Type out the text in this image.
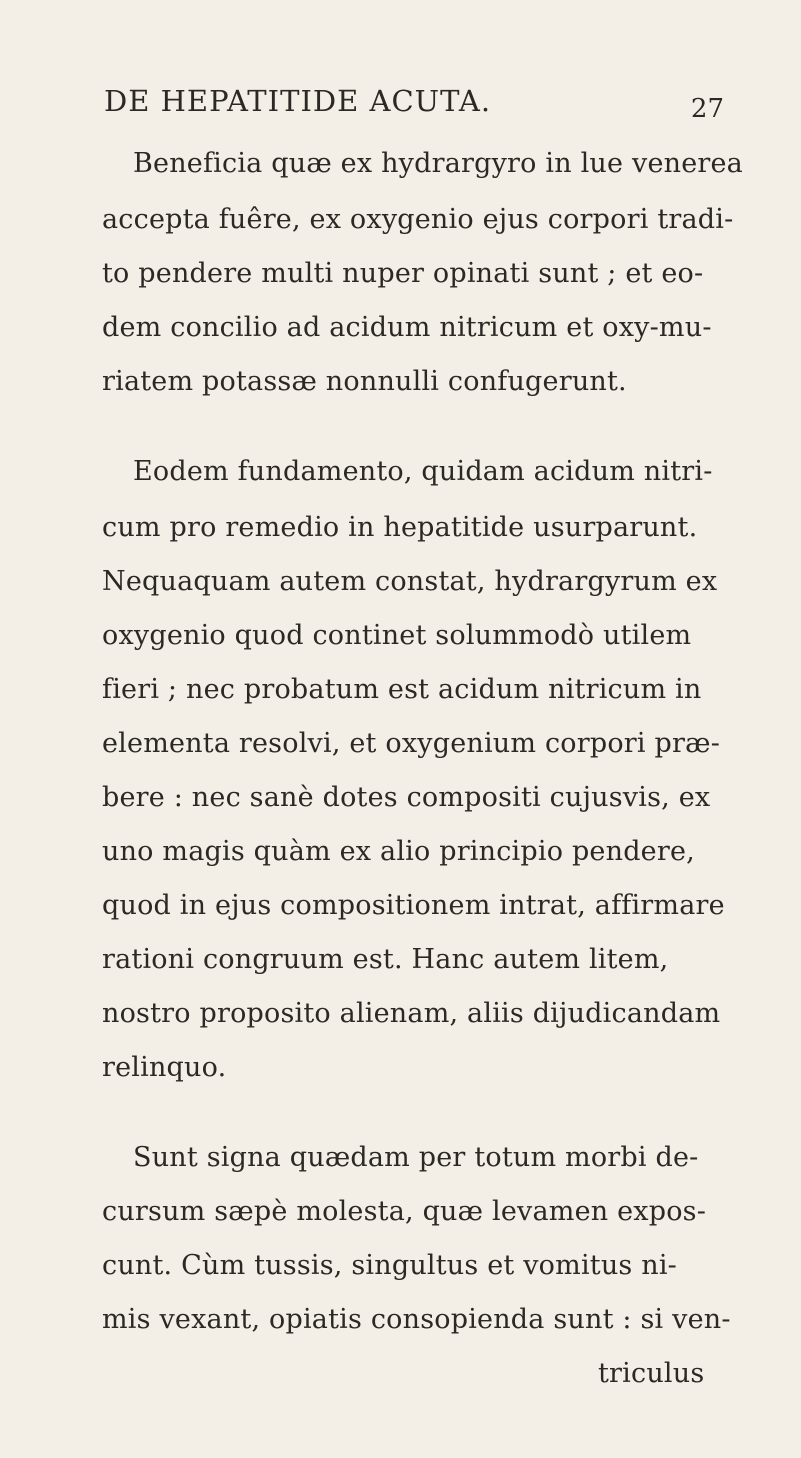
DE HEPATITIDE ACUTA.	27
Beneficia quæ ex hydrargyro in lue venerea
accepta fuêre, ex oxygenio ejus corpori tradi-
to pendere multi nuper opinati sunt ; et eo-
dem concilio ad acidum nitricum et oxy-mu-
riatem potassæ nonnulli confugerunt.
Eodem fundamento, quidam acidum nitri-
cum pro remedio in hepatitide usurparunt.
Nequaquam autem constat, hydrargyrum ex
oxygenio quod continet solummodò utilem
fieri ; nec probatum est acidum nitricum in
elementa resolvi, et oxygenium corpori præ-
bere : nec sanè dotes compositi cujusvis, ex
uno magis quàm ex alio principio pendere,
quod in ejus compositionem intrat, affirmare
rationi congruum est. Hanc autem litem,
nostro proposito alienam, aliis dijudicandam
relinquo.
Sunt signa quædam per totum morbi de-
cursum sæpè molesta, quæ levamen expos-
cunt. Cùm tussis, singultus et vomitus ni-
mis vexant, opiatis consopienda sunt : si ven-
triculus
